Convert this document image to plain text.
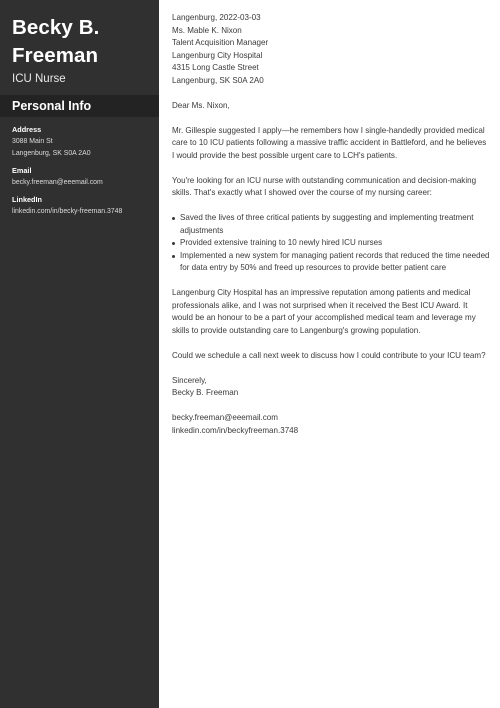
Becky B.
Freeman
ICU Nurse
Personal Info
Address
3088 Main St
Langenburg, SK S0A 2A0
Email
becky.freeman@eeemail.com
LinkedIn
linkedin.com/in/becky-freeman.3748
Langenburg, 2022-03-03
Ms. Mable K. Nixon
Talent Acquisition Manager
Langenburg City Hospital
4315 Long Castle Street
Langenburg, SK S0A 2A0

Dear Ms. Nixon,

Mr. Gillespie suggested I apply—he remembers how I single-handedly provided medical care to 10 ICU patients following a massive traffic accident in Battleford, and he believes I would provide the best possible urgent care to LCH's patients.

You're looking for an ICU nurse with outstanding communication and decision-making skills. That's exactly what I showed over the course of my nursing career:

Saved the lives of three critical patients by suggesting and implementing treatment adjustments
Provided extensive training to 10 newly hired ICU nurses
Implemented a new system for managing patient records that reduced the time needed for data entry by 50% and freed up resources to provide better patient care

Langenburg City Hospital has an impressive reputation among patients and medical professionals alike, and I was not surprised when it received the Best ICU Award. It would be an honour to be a part of your accomplished medical team and leverage my skills to provide outstanding care to Langenburg's growing population.

Could we schedule a call next week to discuss how I could contribute to your ICU team?

Sincerely,
Becky B. Freeman
becky.freeman@eeemail.com
linkedin.com/in/beckyfreeman.3748
